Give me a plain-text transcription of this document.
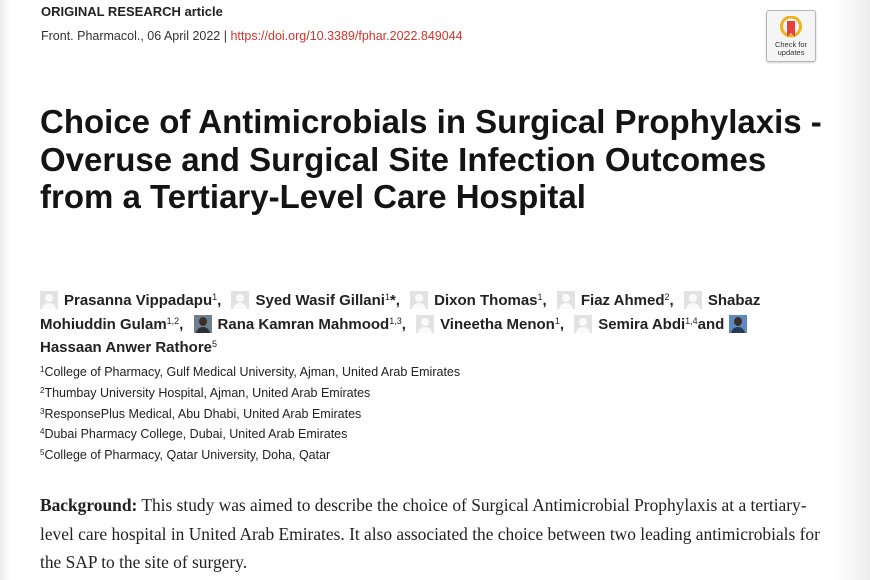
ORIGINAL RESEARCH article
Front. Pharmacol., 06 April 2022 | https://doi.org/10.3389/fphar.2022.849044
Check for
updates
Choice of Antimicrobials in Surgical Prophylaxis - Overuse and Surgical Site Infection Outcomes from a Tertiary-Level Care Hospital
Prasanna Vippadapu$^1$, Syed Wasif Gillani$^1$*, Dixon Thomas$^1$, Fiaz Ahmed$^2$, Shabaz Mohiuddin Gulam$^{1,2}$, Rana Kamran Mahmood$^{1,3}$, Vineetha Menon$^1$, Semira Abdi$^{1,4}$and

Hassaan Anwer Rathore$^5$
$^1$College of Pharmacy, Gulf Medical University, Ajman, United Arab Emirates
$^2$Thumbay University Hospital, Ajman, United Arab Emirates
$^3$ResponsePlus Medical, Abu Dhabi, United Arab Emirates
$^4$Dubai Pharmacy College, Dubai, United Arab Emirates
$^5$College of Pharmacy, Qatar University, Doha, Qatar
Background: This study was aimed to describe the choice of Surgical Antimicrobial Prophylaxis at a tertiary-level care hospital in United Arab Emirates. It also associated the choice between two leading antimicrobials for the SAP to the site of surgery.
